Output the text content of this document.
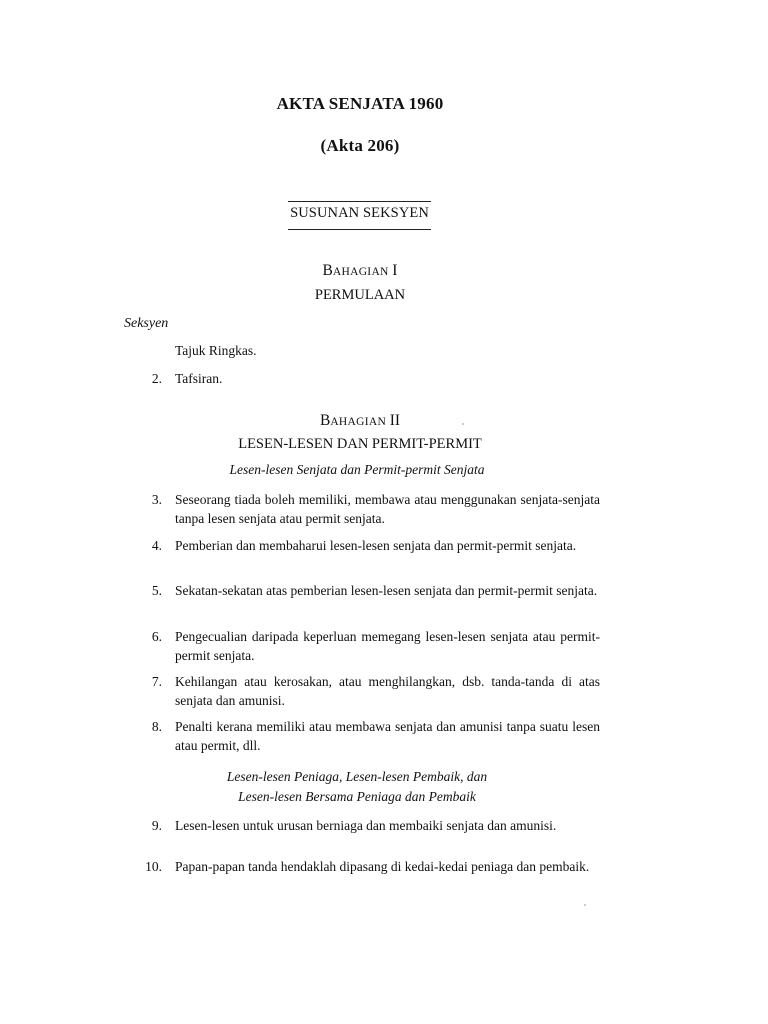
AKTA SENJATA 1960
(Akta 206)
SUSUNAN SEKSYEN
BAHAGIAN I
PERMULAAN
Seksyen
Tajuk Ringkas.
2. Tafsiran.
BAHAGIAN II
LESEN-LESEN DAN PERMIT-PERMIT
Lesen-lesen Senjata dan Permit-permit Senjata
3. Seseorang tiada boleh memiliki, membawa atau menggunakan senjata-senjata tanpa lesen senjata atau permit senjata.
4. Pemberian dan membaharui lesen-lesen senjata dan permit-permit senjata.
5. Sekatan-sekatan atas pemberian lesen-lesen senjata dan permit-permit senjata.
6. Pengecualian daripada keperluan memegang lesen-lesen senjata atau permit-permit senjata.
7. Kehilangan atau kerosakan, atau menghilangkan, dsb. tanda-tanda di atas senjata dan amunisi.
8. Penalti kerana memiliki atau membawa senjata dan amunisi tanpa suatu lesen atau permit, dll.
Lesen-lesen Peniaga, Lesen-lesen Pembaik, dan
Lesen-lesen Bersama Peniaga dan Pembaik
9. Lesen-lesen untuk urusan berniaga dan membaiki senjata dan amunisi.
10. Papan-papan tanda hendaklah dipasang di kedai-kedai peniaga dan pembaik.
